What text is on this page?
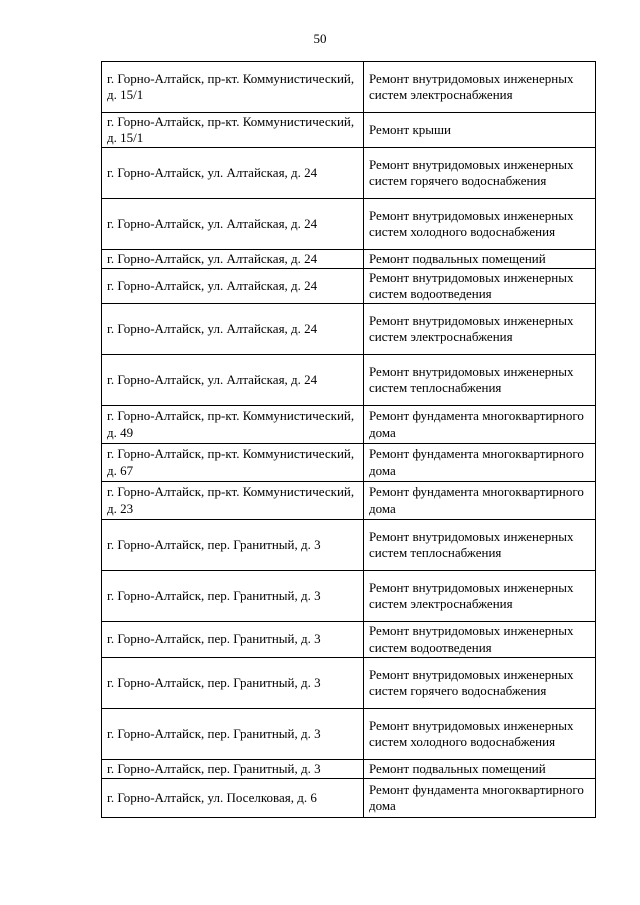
50
г. Горно-Алтайск, пр-кт. Коммунистический, д. 15/1	Ремонт внутридомовых инженерных систем электроснабжения
г. Горно-Алтайск, пр-кт. Коммунистический, д. 15/1	Ремонт крыши
г. Горно-Алтайск, ул. Алтайская, д. 24	Ремонт внутридомовых инженерных систем горячего водоснабжения
г. Горно-Алтайск, ул. Алтайская, д. 24	Ремонт внутридомовых инженерных систем холодного водоснабжения
г. Горно-Алтайск, ул. Алтайская, д. 24	Ремонт подвальных помещений
г. Горно-Алтайск, ул. Алтайская, д. 24	Ремонт внутридомовых инженерных систем водоотведения
г. Горно-Алтайск, ул. Алтайская, д. 24	Ремонт внутридомовых инженерных систем электроснабжения
г. Горно-Алтайск, ул. Алтайская, д. 24	Ремонт внутридомовых инженерных систем теплоснабжения
г. Горно-Алтайск, пр-кт. Коммунистический, д. 49	Ремонт фундамента многоквартирного дома
г. Горно-Алтайск, пр-кт. Коммунистический, д. 67	Ремонт фундамента многоквартирного дома
г. Горно-Алтайск, пр-кт. Коммунистический, д. 23	Ремонт фундамента многоквартирного дома
г. Горно-Алтайск, пер. Гранитный, д. 3	Ремонт внутридомовых инженерных систем теплоснабжения
г. Горно-Алтайск, пер. Гранитный, д. 3	Ремонт внутридомовых инженерных систем электроснабжения
г. Горно-Алтайск, пер. Гранитный, д. 3	Ремонт внутридомовых инженерных систем водоотведения
г. Горно-Алтайск, пер. Гранитный, д. 3	Ремонт внутридомовых инженерных систем горячего водоснабжения
г. Горно-Алтайск, пер. Гранитный, д. 3	Ремонт внутридомовых инженерных систем холодного водоснабжения
г. Горно-Алтайск, пер. Гранитный, д. 3	Ремонт подвальных помещений
г. Горно-Алтайск, ул. Поселковая, д. 6	Ремонт фундамента многоквартирного дома
